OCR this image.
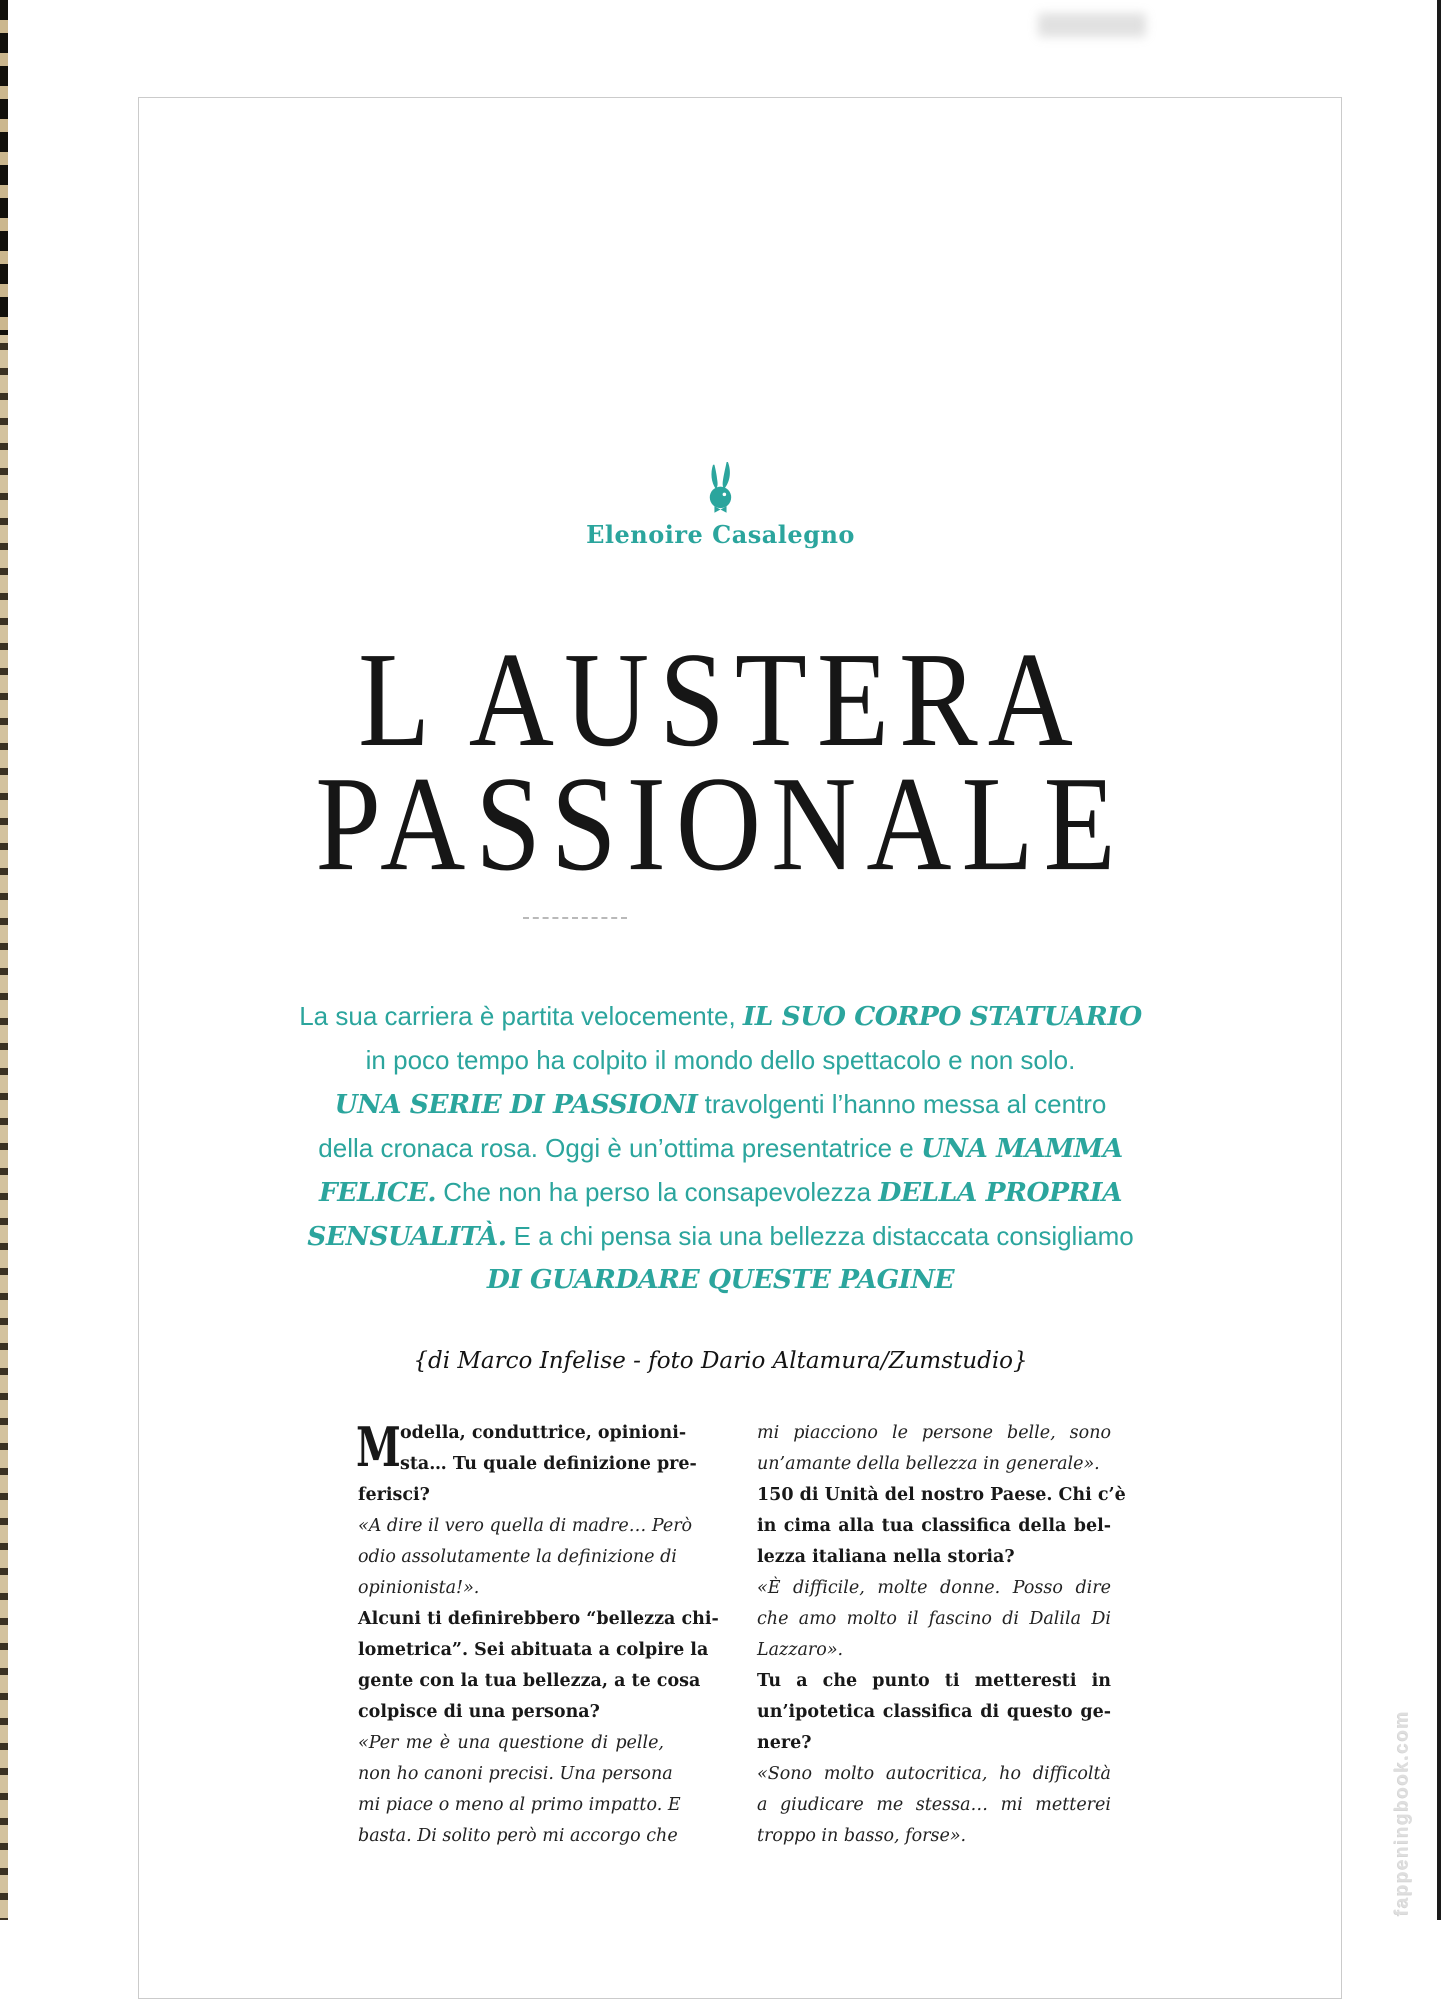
Elenoire Casalegno
L AUSTERA
PASSIONALE
La sua carriera è partita velocemente, IL SUO CORPO STATUARIO
in poco tempo ha colpito il mondo dello spettacolo e non solo.
UNA SERIE DI PASSIONI travolgenti l’hanno messa al centro
della cronaca rosa. Oggi è un’ottima presentatrice e UNA MAMMA
FELICE. Che non ha perso la consapevolezza DELLA PROPRIA
SENSUALITÀ. E a chi pensa sia una bellezza distaccata consigliamo
DI GUARDARE QUESTE PAGINE
{di Marco Infelise - foto Dario Altamura/Zumstudio}
M odella, conduttrice, opinioni-
sta… Tu quale definizione pre-
ferisci?
«A dire il vero quella di madre… Però
odio assolutamente la definizione di
opinionista!».
Alcuni ti definirebbero “bellezza chi-
lometrica”. Sei abituata a colpire la
gente con la tua bellezza, a te cosa
colpisce di una persona?
«Per me è una questione di pelle,
non ho canoni precisi. Una persona
mi piace o meno al primo impatto. E
basta. Di solito però mi accorgo che
mi piacciono le persone belle, sono
un’amante della bellezza in generale».
150 di Unità del nostro Paese. Chi c’è
in cima alla tua classifica della bel-
lezza italiana nella storia?
«È difficile, molte donne. Posso dire
che amo molto il fascino di Dalila Di
Lazzaro».
Tu a che punto ti metteresti in
un’ipotetica classifica di questo ge-
nere?
«Sono molto autocritica, ho difficoltà
a giudicare me stessa… mi metterei
troppo in basso, forse».	fappeningbook.com
